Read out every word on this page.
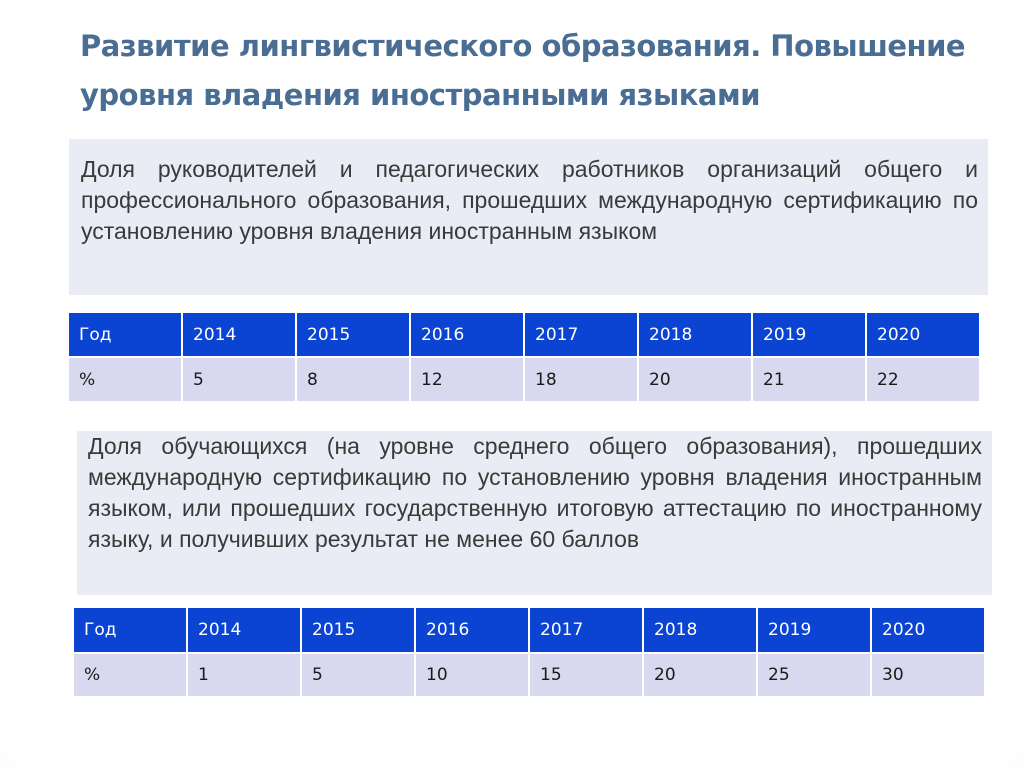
Развитие лингвистического образования. Повышение уровня владения иностранными языками
Доля руководителей и педагогических работников организаций общего и профессионального образования, прошедших международную сертификацию по установлению уровня владения иностранным языком
Год	2014	2015	2016	2017	2018	2019	2020
%	5	8	12	18	20	21	22
Доля обучающихся (на уровне среднего общего образования), прошедших международную сертификацию по установлению уровня владения иностранным языком, или прошедших государственную итоговую аттестацию по иностранному языку, и получивших результат не менее 60 баллов
Год	2014	2015	2016	2017	2018	2019	2020
%	1	5	10	15	20	25	30
